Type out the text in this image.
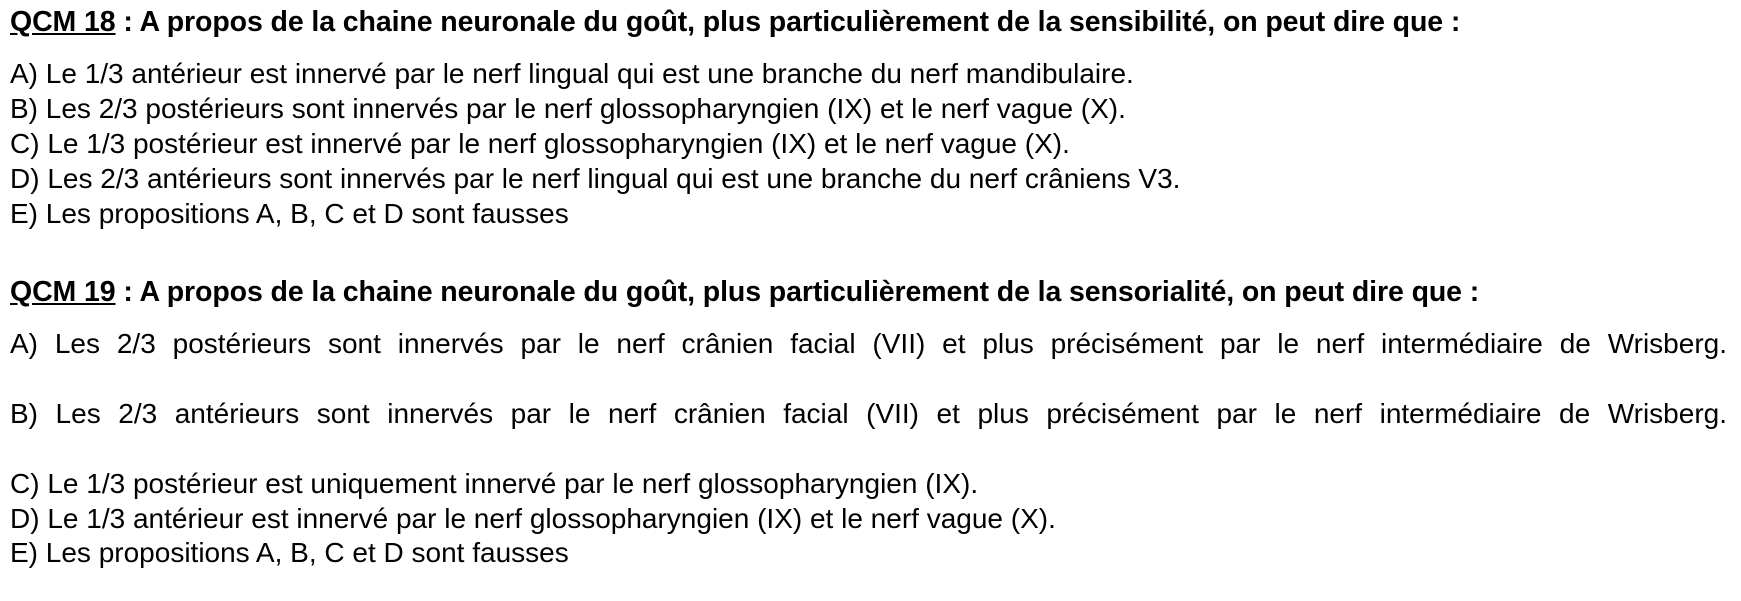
QCM 18 : A propos de la chaine neuronale du goût, plus particulièrement de la sensibilité, on peut dire que :

A) Le 1/3 antérieur est innervé par le nerf lingual qui est une branche du nerf mandibulaire.

B) Les 2/3 postérieurs sont innervés par le nerf glossopharyngien (IX) et le nerf vague (X).

C) Le 1/3 postérieur est innervé par le nerf glossopharyngien (IX) et le nerf vague (X).

D) Les 2/3 antérieurs sont innervés par le nerf lingual qui est une branche du nerf crâniens V3.

E) Les propositions A, B, C et D sont fausses

QCM 19 : A propos de la chaine neuronale du goût, plus particulièrement de la sensorialité, on peut dire que :

A) Les 2/3 postérieurs sont innervés par le nerf crânien facial (VII) et plus précisément par le nerf intermédiaire de Wrisberg.

B) Les 2/3 antérieurs sont innervés par le nerf crânien facial (VII) et plus précisément par le nerf intermédiaire de Wrisberg.

C) Le 1/3 postérieur est uniquement innervé par le nerf glossopharyngien (IX).

D) Le 1/3 antérieur est innervé par le nerf glossopharyngien (IX) et le nerf vague (X).

E) Les propositions A, B, C et D sont fausses
